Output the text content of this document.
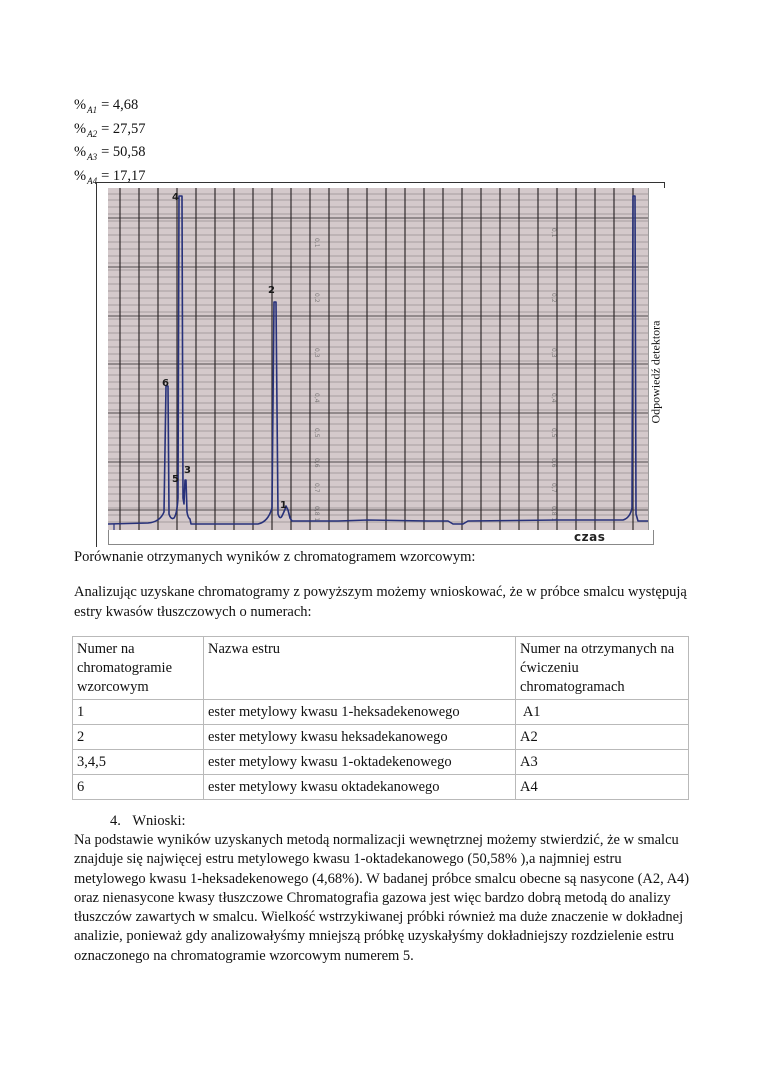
$\%_{A1} = 4,68$
$\%_{A2} = 27,57$
$\%_{A3} = 50,58$
$\%_{A4} = 17,17$
0,1
0,2
0,3
0,4
0,5
0,6
0,7
0,8 1
0,1
0,2
0,3
0,4
0,5
0,6
0,7
0,8 1
4
2
6
5
3
1
czas
Odpowiedź detektora
Porównanie otrzymanych wyników z chromatogramem wzorcowym:
Analizując uzyskane chromatogramy z powyższym możemy wnioskować, że w próbce smalcu występują estry kwasów tłuszczowych o numerach:
Numer na chromatogramie wzorcowym	Nazwa estru	Numer na otrzymanych na ćwiczeniu chromatogramach
1	ester metylowy kwasu 1-heksadekenowego	A1
2	ester metylowy kwasu heksadekanowego	A2
3,4,5	ester metylowy kwasu 1-oktadekenowego	A3
6	ester metylowy kwasu oktadekanowego	A4
4. Wnioski:
Na podstawie wyników uzyskanych metodą normalizacji wewnętrznej możemy stwierdzić, że w smalcu znajduje się najwięcej estru metylowego kwasu 1-oktadekanowego (50,58% ),a najmniej estru metylowego kwasu 1-heksadekenowego (4,68%). W badanej próbce smalcu obecne są nasycone (A2, A4) oraz nienasycone kwasy tłuszczowe Chromatografia gazowa jest więc bardzo dobrą metodą do analizy tłuszczów zawartych w smalcu. Wielkość wstrzykiwanej próbki również ma duże znaczenie w dokładnej analizie, ponieważ gdy analizowałyśmy mniejszą próbkę uzyskałyśmy dokładniejszy rozdzielenie estru oznaczonego na chromatogramie wzorcowym numerem 5.
